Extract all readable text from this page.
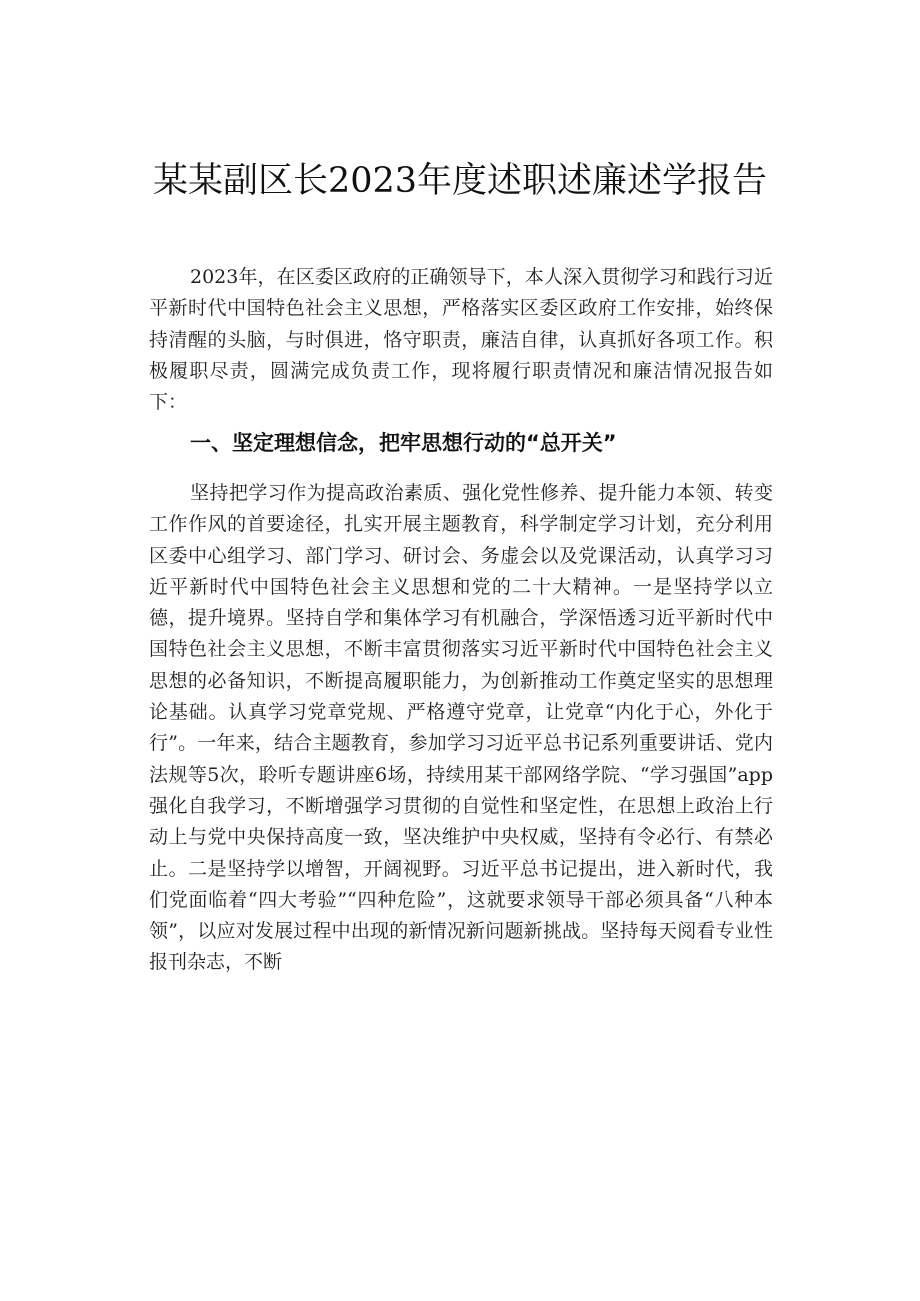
某某副区长2023年度述职述廉述学报告

2023年，在区委区政府的正确领导下，本人深入贯彻学习和践行习近平新时代中国特色社会主义思想，严格落实区委区政府工作安排，始终保持清醒的头脑，与时俱进，恪守职责，廉洁自律，认真抓好各项工作。积极履职尽责，圆满完成负责工作，现将履行职责情况和廉洁情况报告如下：

一、坚定理想信念，把牢思想行动的“总开关”

坚持把学习作为提高政治素质、强化党性修养、提升能力本领、转变工作作风的首要途径，扎实开展主题教育，科学制定学习计划，充分利用区委中心组学习、部门学习、研讨会、务虚会以及党课活动，认真学习习近平新时代中国特色社会主义思想和党的二十大精神。一是坚持学以立德，提升境界。坚持自学和集体学习有机融合，学深悟透习近平新时代中国特色社会主义思想，不断丰富贯彻落实习近平新时代中国特色社会主义思想的必备知识，不断提高履职能力，为创新推动工作奠定坚实的思想理论基础。认真学习党章党规、严格遵守党章，让党章“内化于心，外化于行”。一年来，结合主题教育，参加学习习近平总书记系列重要讲话、党内法规等5次，聆听专题讲座6场，持续用某干部网络学院、“学习强国”app强化自我学习，不断增强学习贯彻的自觉性和坚定性，在思想上政治上行动上与党中央保持高度一致，坚决维护中央权威，坚持有令必行、有禁必止。二是坚持学以增智，开阔视野。习近平总书记提出，进入新时代，我们党面临着“四大考验”“四种危险”，这就要求领导干部必须具备“八种本领”，以应对发展过程中出现的新情况新问题新挑战。坚持每天阅看专业性报刊杂志，不断
